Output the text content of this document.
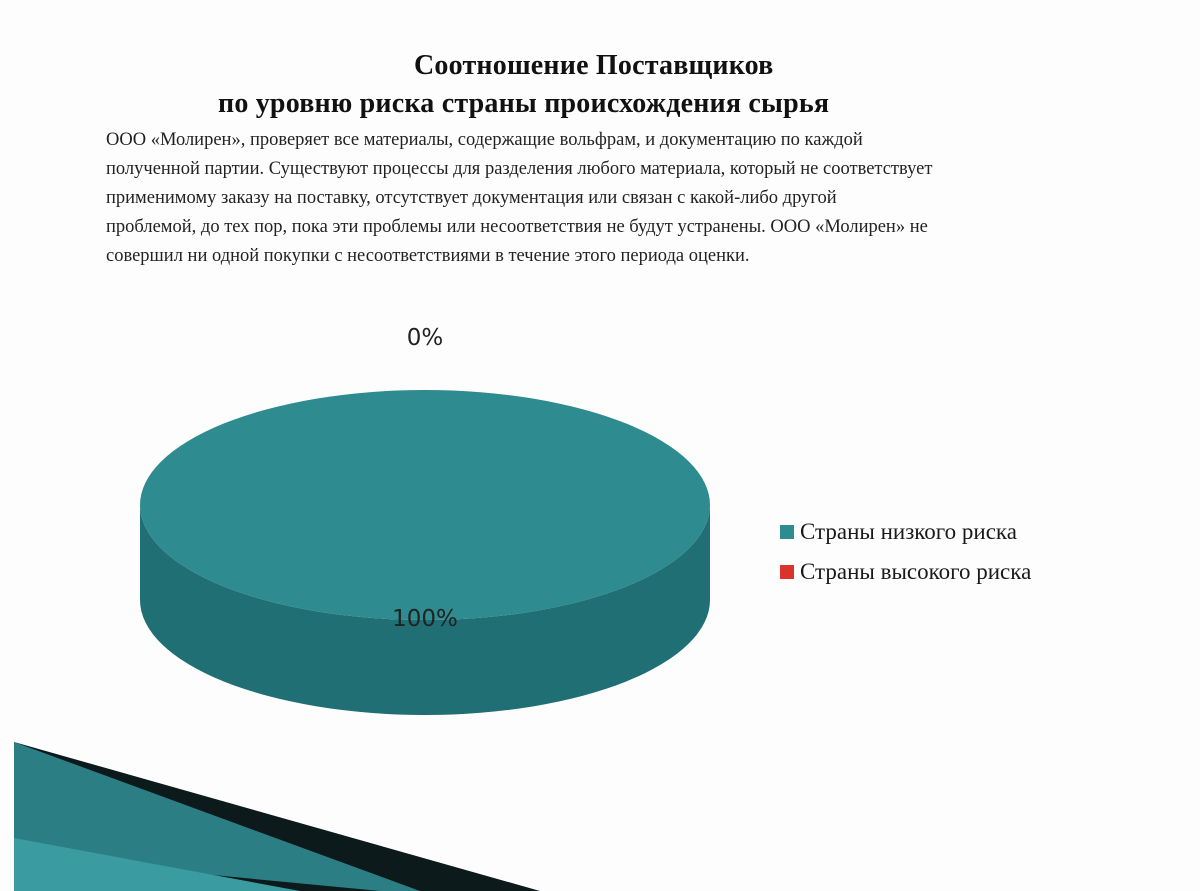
100%
0%
Соотношение Поставщиков
по уровню риска страны происхождения сырья
ООО «Молирен», проверяет все материалы, содержащие вольфрам, и документацию по каждой
полученной партии. Существуют процессы для разделения любого материала, который не соответствует
применимому заказу на поставку, отсутствует документация или связан с какой-либо другой
проблемой, до тех пор, пока эти проблемы или несоответствия не будут устранены. ООО «Молирен» не
совершил ни одной покупки с несоответствиями в течение этого периода оценки.
Страны низкого риска
Страны высокого риска
